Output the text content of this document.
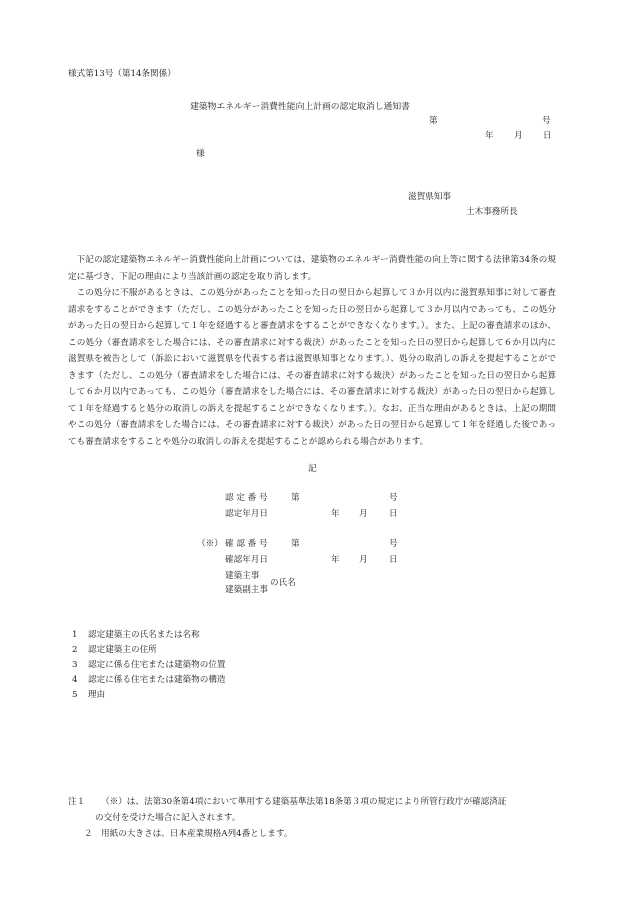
様式第13号（第14条関係）
建築物エネルギー消費性能向上計画の認定取消し通知書
第	号
年 月 日
様
滋賀県知事
土木事務所長
下記の認定建築物エネルギー消費性能向上計画については、建築物のエネルギー消費性能の向上等に関する法律第34条の規定に基づき、下記の理由により当該計画の認定を取り消します。
この処分に不服があるときは、この処分があったことを知った日の翌日から起算して３か月以内に滋賀県知事に対して審査請求をすることができます（ただし、この処分があったことを知った日の翌日から起算して３か月以内であっても、この処分があった日の翌日から起算して１年を経過すると審査請求をすることができなくなります。）。また、上記の審査請求のほか、この処分（審査請求をした場合には、その審査請求に対する裁決）があったことを知った日の翌日から起算して６か月以内に滋賀県を被告として（訴訟において滋賀県を代表する者は滋賀県知事となります。）、処分の取消しの訴えを提起することができます（ただし、この処分（審査請求をした場合には、その審査請求に対する裁決）があったことを知った日の翌日から起算して６か月以内であっても、この処分（審査請求をした場合には、その審査請求に対する裁決）があった日の翌日から起算して１年を経過すると処分の取消しの訴えを提起することができなくなります。）。なお、正当な理由があるときは、上記の期間やこの処分（審査請求をした場合には、その審査請求に対する裁決）があった日の翌日から起算して１年を経過した後であっても審査請求をすることや処分の取消しの訴えを提起することが認められる場合があります。
記
認 定 番 号	第	号
認定年月日	年 月 日
（※） 確 認 番 号	第	号
確認年月日	年 月 日
建築主事
建築副主事
の氏名
1 認定建築主の氏名または名称
2 認定建築主の住所
3 認定に係る住宅または建築物の位置
4 認定に係る住宅または建築物の構造
5 理由
注１ （※）は、法第30条第4項において準用する建築基準法第18条第３項の規定により所管行政庁が確認済証
の交付を受けた場合に記入されます。
２ 用紙の大きさは、日本産業規格A列4番とします。
